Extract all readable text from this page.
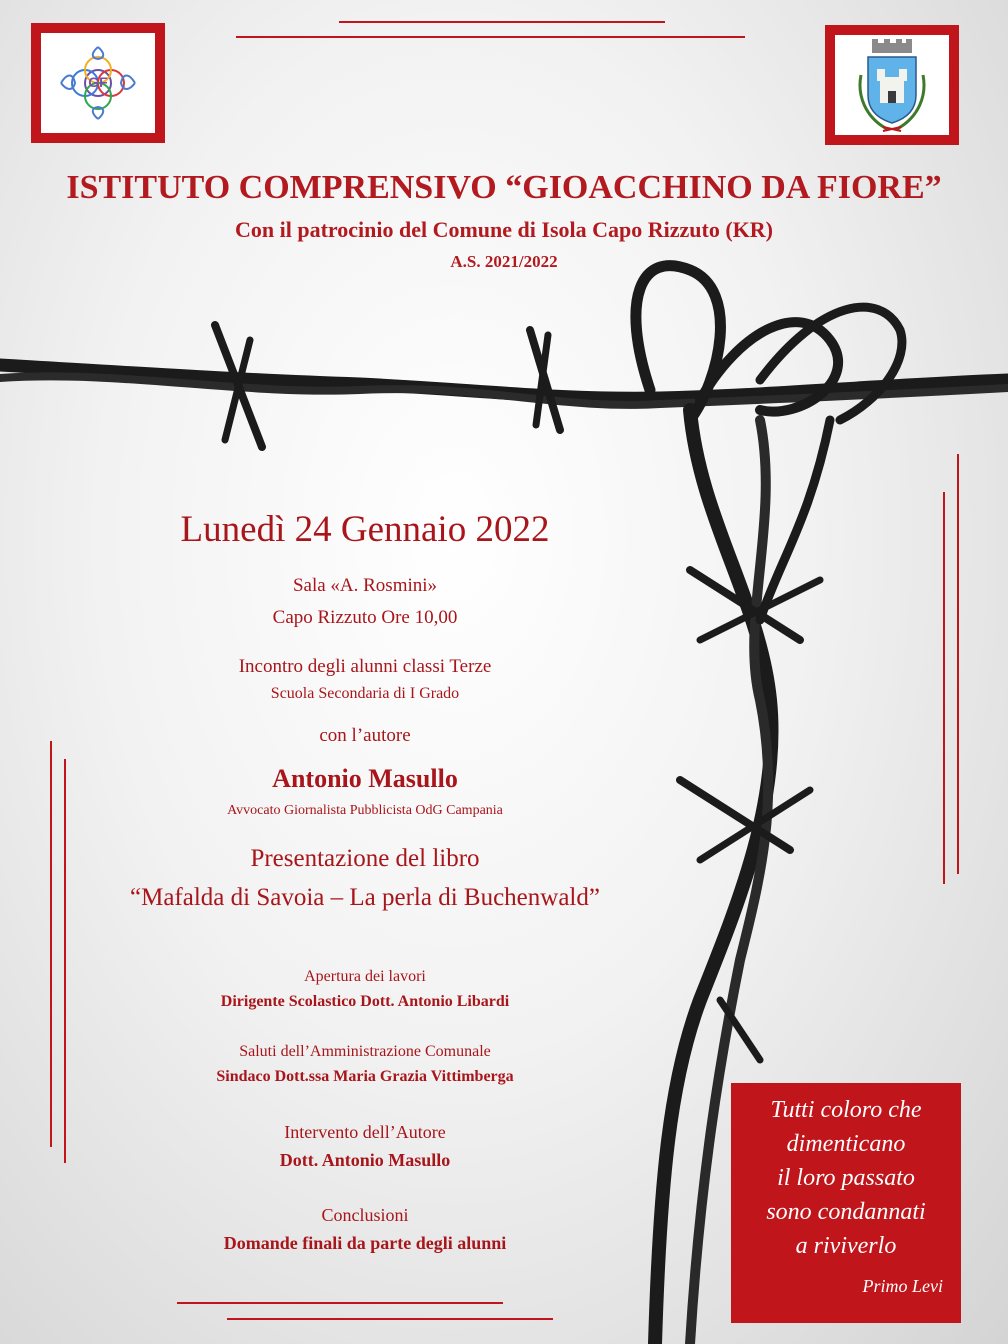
GF
ISTITUTO COMPRENSIVO “GIOACCHINO DA FIORE”
Con il patrocinio del Comune di Isola Capo Rizzuto (KR)
A.S. 2021/2022
Lunedì 24 Gennaio 2022
Sala «A. Rosmini»
Capo Rizzuto Ore 10,00
Incontro degli alunni classi Terze
Scuola Secondaria di I Grado
con l’autore
Antonio Masullo
Avvocato Giornalista Pubblicista OdG Campania
Presentazione del libro
“Mafalda di Savoia – La perla di Buchenwald”
Apertura dei lavori
Dirigente Scolastico Dott. Antonio Libardi
Saluti dell’Amministrazione Comunale
Sindaco Dott.ssa Maria Grazia Vittimberga
Intervento dell’Autore
Dott. Antonio Masullo
Conclusioni
Domande finali da parte degli alunni
Tutti coloro che
dimenticano
il loro passato
sono condannati
a riviverlo
Primo Levi
